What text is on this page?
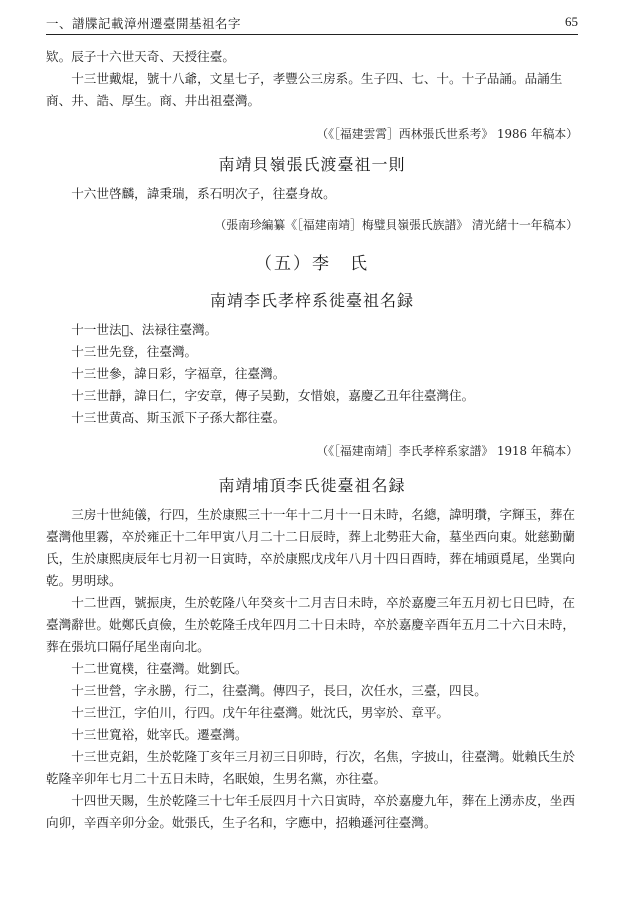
一、譜牒記載漳州遷臺開基祖名字	65
欵。辰子十六世天奇、天授往臺。
十三世戴焜，號十八爺，文星七子，孝豐公三房系。生子四、七、十。十子品誦。品誦生商、井、誥、厚生。商、井出祖臺灣。
（《［福建雲霄］西林張氏世系考》 1986 年稿本）
南靖貝嶺張氏渡臺祖一則
十六世啓麟，諱秉瑞，系石明次子，往臺身故。
（張南珍編纂《［福建南靖］梅璧貝嶺張氏族譜》 清光緒十一年稿本）
（五）李　氏
南靖李氏孝梓系徙臺祖名録
十一世法𤍸、法禄往臺灣。
十三世先登，往臺灣。
十三世參，諱日彩，字福章，往臺灣。
十三世靜，諱日仁，字安章，傳子吴勤，女惜娘，嘉慶乙丑年往臺灣住。
十三世黄高、斯玉派下子孫大都往臺。
（《［福建南靖］李氏孝梓系家譜》 1918 年稿本）
南靖埔頂李氏徙臺祖名録
三房十世純儀，行四，生於康熙三十一年十二月十一日未時，名總，諱明瓚，字輝玉，葬在臺灣他里霧，卒於雍正十二年甲寅八月二十二日辰時，葬上北勢莊大侖，墓坐西向東。妣慈勤蘭氏，生於康熙庚辰年七月初一日寅時，卒於康熙戊戌年八月十四日酉時，葬在埔頭覓尾，坐巽向乾。男明球。
十二世酉，號振庚，生於乾隆八年癸亥十二月吉日未時，卒於嘉慶三年五月初七日巳時，在臺灣辭世。妣鄭氏貞儉，生於乾隆壬戌年四月二十日未時，卒於嘉慶辛酉年五月二十六日未時，葬在張坑口隔仔尾坐南向北。
十二世寬樸，往臺灣。妣劉氏。
十三世營，字永勝，行二，往臺灣。傳四子，長曰，次任水，三臺，四艮。
十三世江，字伯川，行四。戊午年往臺灣。妣沈氏，男宰於、章平。
十三世寬裕，妣宰氏。遷臺灣。
十三世克鋁，生於乾隆丁亥年三月初三日卯時，行次，名焦，字披山，往臺灣。妣賴氏生於乾隆辛卯年七月二十五日未時，名眠娘，生男名黨，亦往臺。
十四世天賜，生於乾隆三十七年壬辰四月十六日寅時，卒於嘉慶九年，葬在上湧赤皮，坐西向卯，辛酉辛卯分金。妣張氏，生子名和，字應中，招賴遜河往臺灣。
